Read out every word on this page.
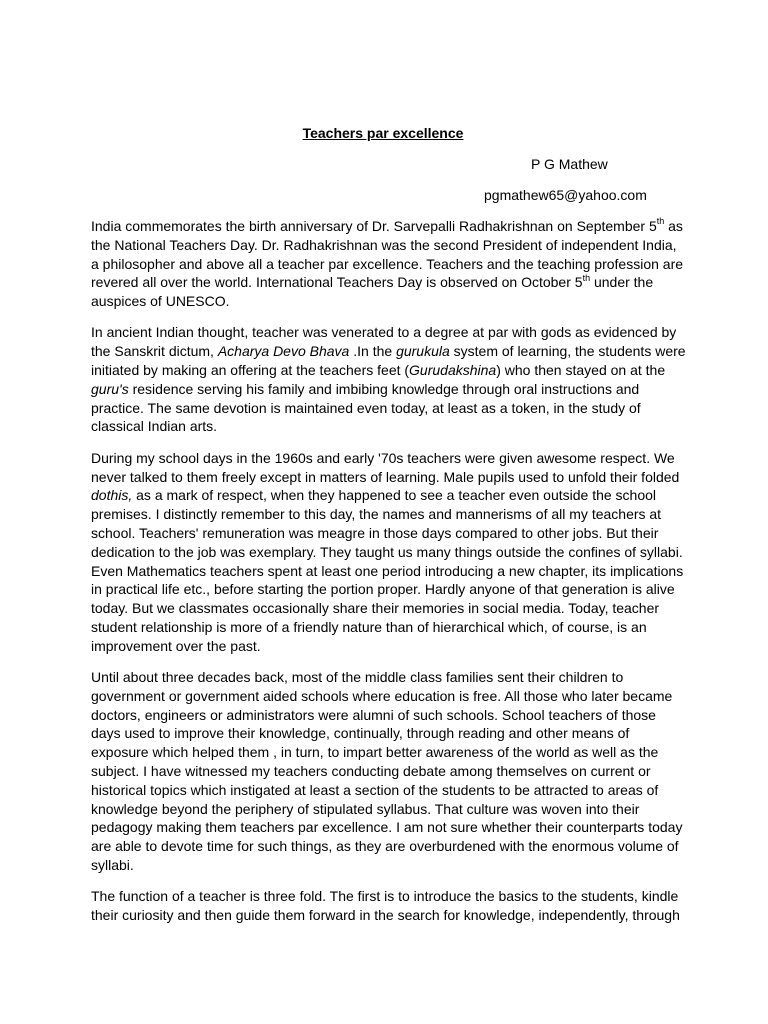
Teachers par excellence

P G Mathew

pgmathew65@yahoo.com

India commemorates the birth anniversary of Dr. Sarvepalli Radhakrishnan on September 5th as
the National Teachers Day. Dr. Radhakrishnan was the second President of independent India,
a philosopher and above all a teacher par excellence. Teachers and the teaching profession are
revered all over the world. International Teachers Day is observed on October 5th under the
auspices of UNESCO.

In ancient Indian thought, teacher was venerated to a degree at par with gods as evidenced by
the Sanskrit dictum, Acharya Devo Bhava .In the gurukula system of learning, the students were
initiated by making an offering at the teachers feet (Gurudakshina) who then stayed on at the
guru's residence serving his family and imbibing knowledge through oral instructions and
practice. The same devotion is maintained even today, at least as a token, in the study of
classical Indian arts.

During my school days in the 1960s and early '70s teachers were given awesome respect. We
never talked to them freely except in matters of learning. Male pupils used to unfold their folded
dothis, as a mark of respect, when they happened to see a teacher even outside the school
premises. I distinctly remember to this day, the names and mannerisms of all my teachers at
school. Teachers' remuneration was meagre in those days compared to other jobs. But their
dedication to the job was exemplary. They taught us many things outside the confines of syllabi.
Even Mathematics teachers spent at least one period introducing a new chapter, its implications
in practical life etc., before starting the portion proper. Hardly anyone of that generation is alive
today. But we classmates occasionally share their memories in social media. Today, teacher
student relationship is more of a friendly nature than of hierarchical which, of course, is an
improvement over the past.

Until about three decades back, most of the middle class families sent their children to
government or government aided schools where education is free. All those who later became
doctors, engineers or administrators were alumni of such schools. School teachers of those
days used to improve their knowledge, continually, through reading and other means of
exposure which helped them , in turn, to impart better awareness of the world as well as the
subject. I have witnessed my teachers conducting debate among themselves on current or
historical topics which instigated at least a section of the students to be attracted to areas of
knowledge beyond the periphery of stipulated syllabus. That culture was woven into their
pedagogy making them teachers par excellence. I am not sure whether their counterparts today
are able to devote time for such things, as they are overburdened with the enormous volume of
syllabi.

The function of a teacher is three fold. The first is to introduce the basics to the students, kindle
their curiosity and then guide them forward in the search for knowledge, independently, through
